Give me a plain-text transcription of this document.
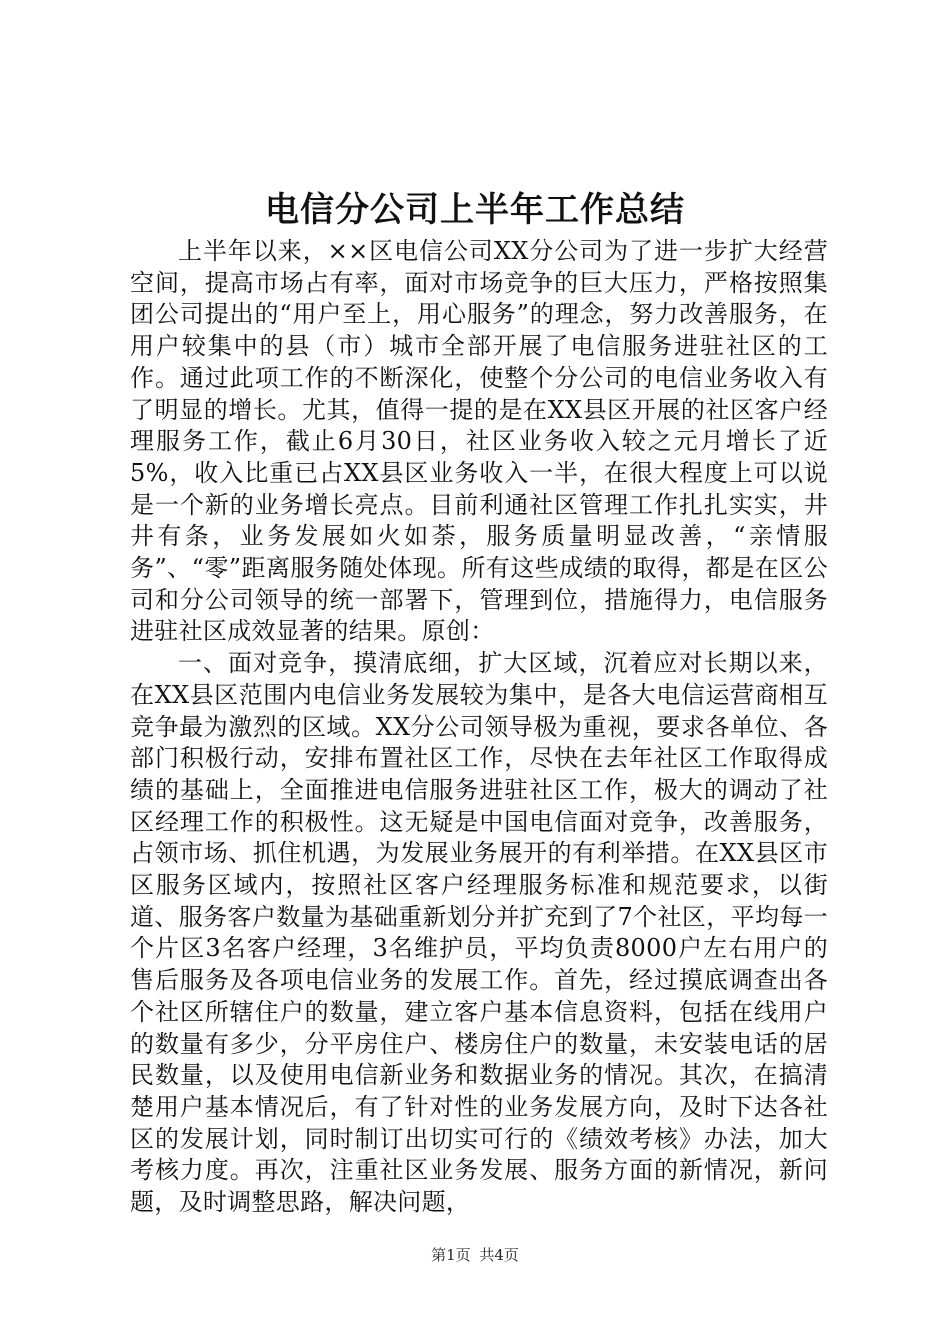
电信分公司上半年工作总结

上半年以来，××区电信公司XX分公司为了进一步扩大经营空间，提高市场占有率，面对市场竞争的巨大压力，严格按照集团公司提出的“用户至上，用心服务”的理念，努力改善服务，在用户较集中的县（市）城市全部开展了电信服务进驻社区的工作。通过此项工作的不断深化，使整个分公司的电信业务收入有了明显的增长。尤其，值得一提的是在XX县区开展的社区客户经理服务工作，截止6月30日，社区业务收入较之元月增长了近5%，收入比重已占XX县区业务收入一半，在很大程度上可以说是一个新的业务增长亮点。目前利通社区管理工作扎扎实实，井井有条，业务发展如火如荼，服务质量明显改善，“亲情服务”、“零”距离服务随处体现。所有这些成绩的取得，都是在区公司和分公司领导的统一部署下，管理到位，措施得力，电信服务进驻社区成效显著的结果。原创：

一、面对竞争，摸清底细，扩大区域，沉着应对长期以来，在XX县区范围内电信业务发展较为集中，是各大电信运营商相互竞争最为激烈的区域。XX分公司领导极为重视，要求各单位、各部门积极行动，安排布置社区工作，尽快在去年社区工作取得成绩的基础上，全面推进电信服务进驻社区工作，极大的调动了社区经理工作的积极性。这无疑是中国电信面对竞争，改善服务，占领市场、抓住机遇，为发展业务展开的有利举措。在XX县区市区服务区域内，按照社区客户经理服务标准和规范要求，以街道、服务客户数量为基础重新划分并扩充到了7个社区，平均每一个片区3名客户经理，3名维护员，平均负责8000户左右用户的售后服务及各项电信业务的发展工作。首先，经过摸底调查出各个社区所辖住户的数量，建立客户基本信息资料，包括在线用户的数量有多少，分平房住户、楼房住户的数量，未安装电话的居民数量，以及使用电信新业务和数据业务的情况。其次，在搞清楚用户基本情况后，有了针对性的业务发展方向，及时下达各社区的发展计划，同时制订出切实可行的《绩效考核》办法，加大考核力度。再次，注重社区业务发展、服务方面的新情况，新问题，及时调整思路，解决问题，

第1页 共4页
